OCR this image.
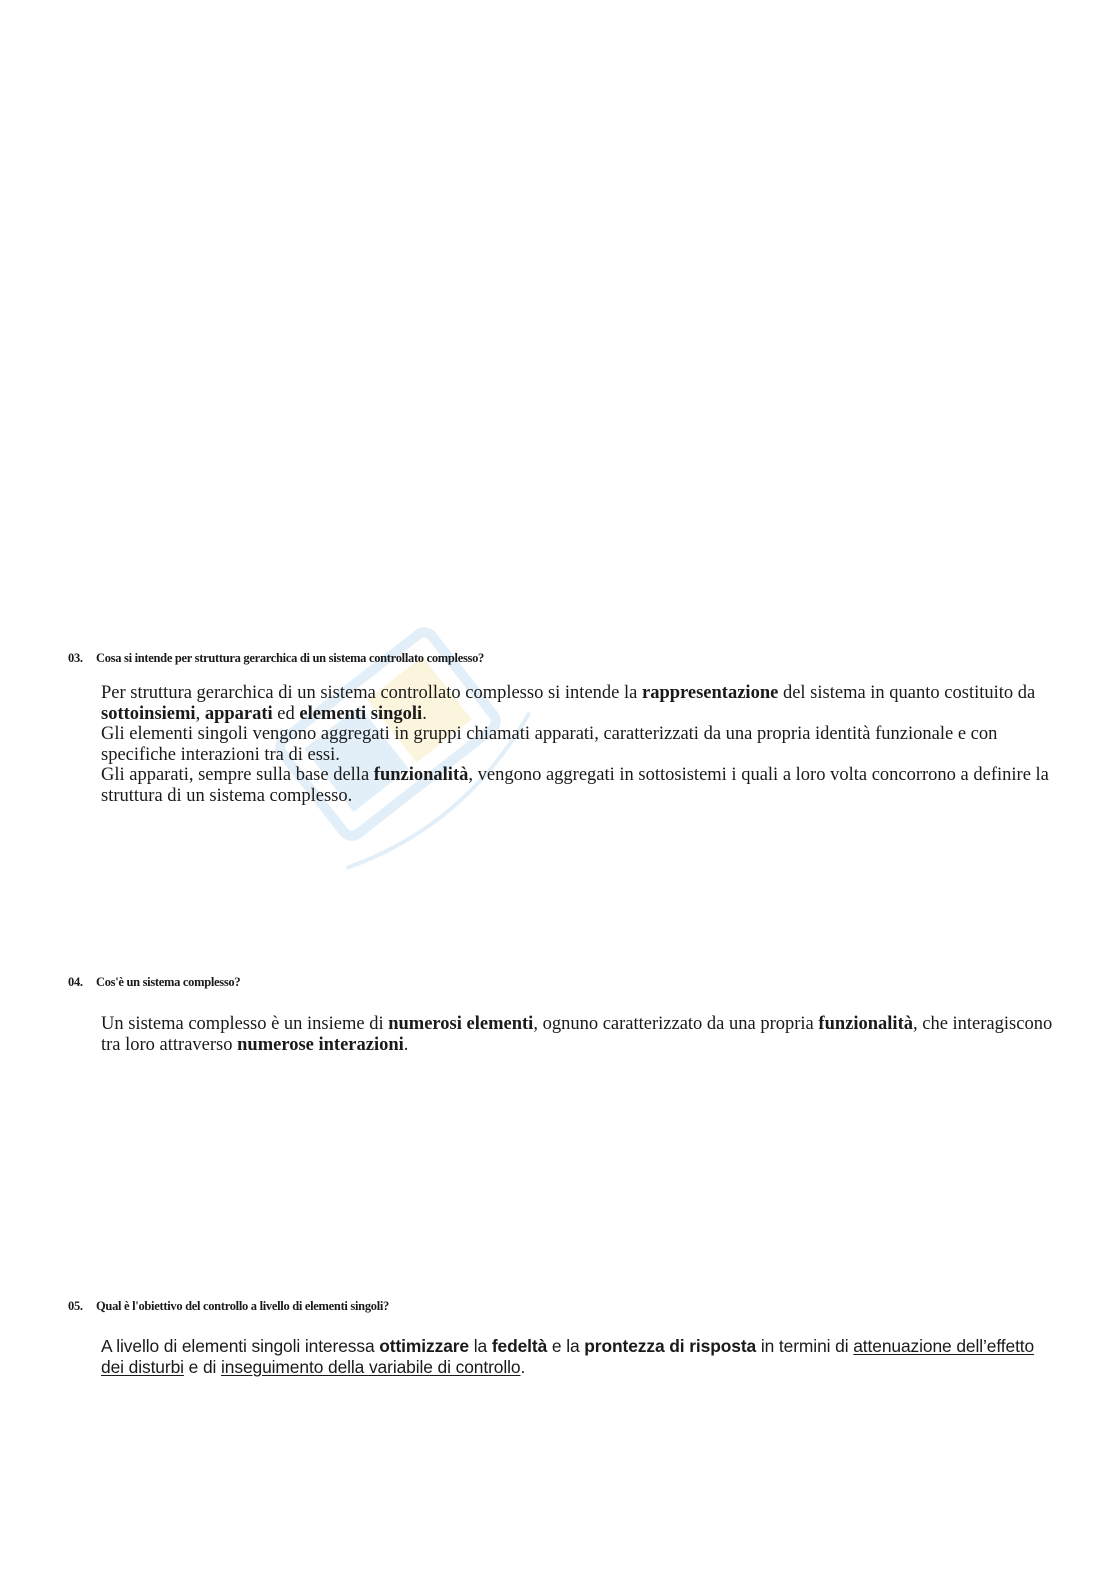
03. Cosa si intende per struttura gerarchica di un sistema controllato complesso?

Per struttura gerarchica di un sistema controllato complesso si intende la rappresentazione del sistema in quanto costituito da sottoinsiemi, apparati ed elementi singoli.

Gli elementi singoli vengono aggregati in gruppi chiamati apparati, caratterizzati da una propria identità funzionale e con specifiche interazioni tra di essi.

Gli apparati, sempre sulla base della funzionalità, vengono aggregati in sottosistemi i quali a loro volta concorrono a definire la struttura di un sistema complesso.

04. Cos'è un sistema complesso?

Un sistema complesso è un insieme di numerosi elementi, ognuno caratterizzato da una propria funzionalità, che interagiscono tra loro attraverso numerose interazioni.

05. Qual è l'obiettivo del controllo a livello di elementi singoli?

A livello di elementi singoli interessa ottimizzare la fedeltà e la prontezza di risposta in termini di attenuazione dell’effetto dei disturbi e di inseguimento della variabile di controllo.
